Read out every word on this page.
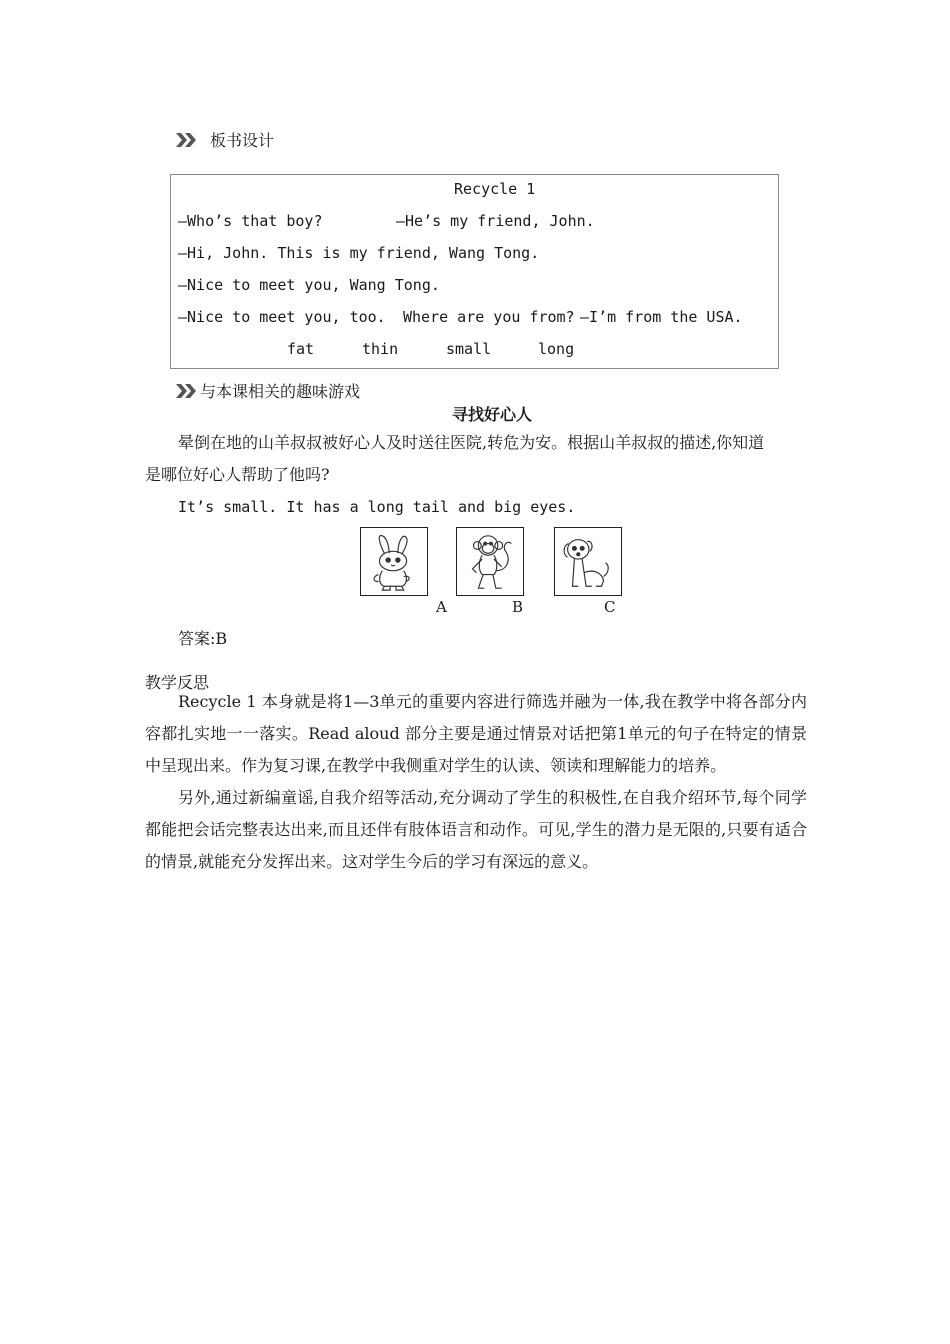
板书设计
Recycle 1
—Who’s that boy?	—He’s my friend, John.
—Hi, John. This is my friend, Wang Tong.
—Nice to meet you, Wang Tong.
—Nice to meet you, too. Where are you from? —I’m from the USA.
fat	thin	small	long
与本课相关的趣味游戏
寻找好心人
晕倒在地的山羊叔叔被好心人及时送往医院,转危为安。根据山羊叔叔的描述,你知道
是哪位好心人帮助了他吗?
It’s small. It has a long tail and big eyes.
A	B	C
答案:B
教学反思
Recycle 1 本身就是将1—3单元的重要内容进行筛选并融为一体,我在教学中将各部分内容都扎实地一一落实。Read aloud 部分主要是通过情景对话把第1单元的句子在特定的情景中呈现出来。作为复习课,在教学中我侧重对学生的认读、领读和理解能力的培养。
另外,通过新编童谣,自我介绍等活动,充分调动了学生的积极性,在自我介绍环节,每个同学都能把会话完整表达出来,而且还伴有肢体语言和动作。可见,学生的潜力是无限的,只要有适合的情景,就能充分发挥出来。这对学生今后的学习有深远的意义。
